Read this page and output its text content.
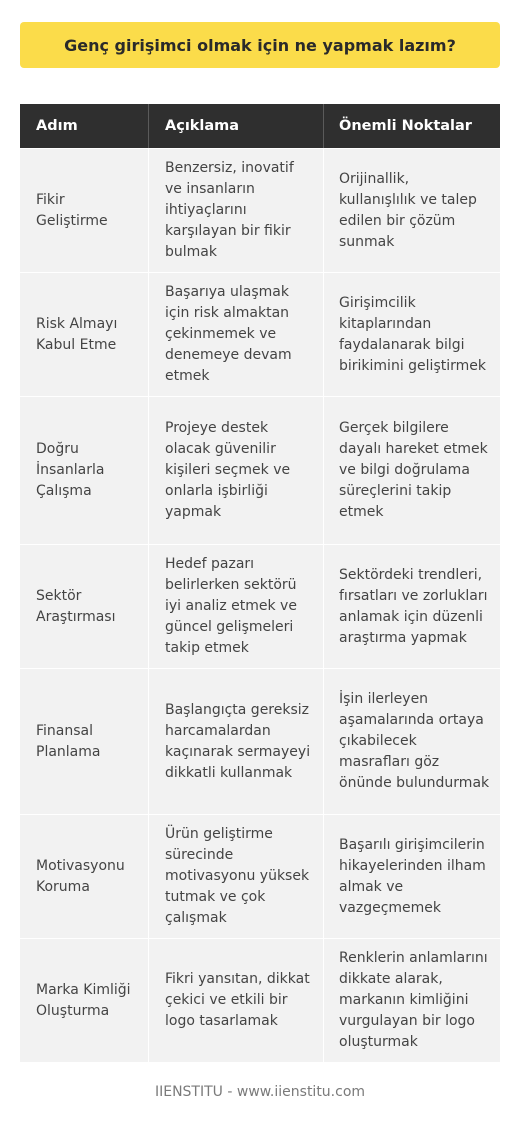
Genç girişimci olmak için ne yapmak lazım?
Adım	Açıklama	Önemli Noktalar
Fikir Geliştirme
Benzersiz, inovatif ve insanların ihtiyaçlarını karşılayan bir fikir bulmak
Orijinallik, kullanışlılık ve talep edilen bir çözüm sunmak
Risk Almayı Kabul Etme
Başarıya ulaşmak için risk almaktan çekinmemek ve denemeye devam etmek
Girişimcilik kitaplarından faydalanarak bilgi birikimini geliştirmek
Doğru İnsanlarla Çalışma
Projeye destek olacak güvenilir kişileri seçmek ve onlarla işbirliği yapmak
Gerçek bilgilere dayalı hareket etmek ve bilgi doğrulama süreçlerini takip etmek
Sektör Araştırması
Hedef pazarı belirlerken sektörü iyi analiz etmek ve güncel gelişmeleri takip etmek
Sektördeki trendleri, fırsatları ve zorlukları anlamak için düzenli araştırma yapmak
Finansal Planlama
Başlangıçta gereksiz harcamalardan kaçınarak sermayeyi dikkatli kullanmak
İşin ilerleyen aşamalarında ortaya çıkabilecek masrafları göz önünde bulundurmak
Motivasyonu Koruma
Ürün geliştirme sürecinde motivasyonu yüksek tutmak ve çok çalışmak
Başarılı girişimcilerin hikayelerinden ilham almak ve vazgeçmemek
Marka Kimliği Oluşturma
Fikri yansıtan, dikkat çekici ve etkili bir logo tasarlamak
Renklerin anlamlarını dikkate alarak, markanın kimliğini vurgulayan bir logo oluşturmak
IIENSTITU - www.iienstitu.com
